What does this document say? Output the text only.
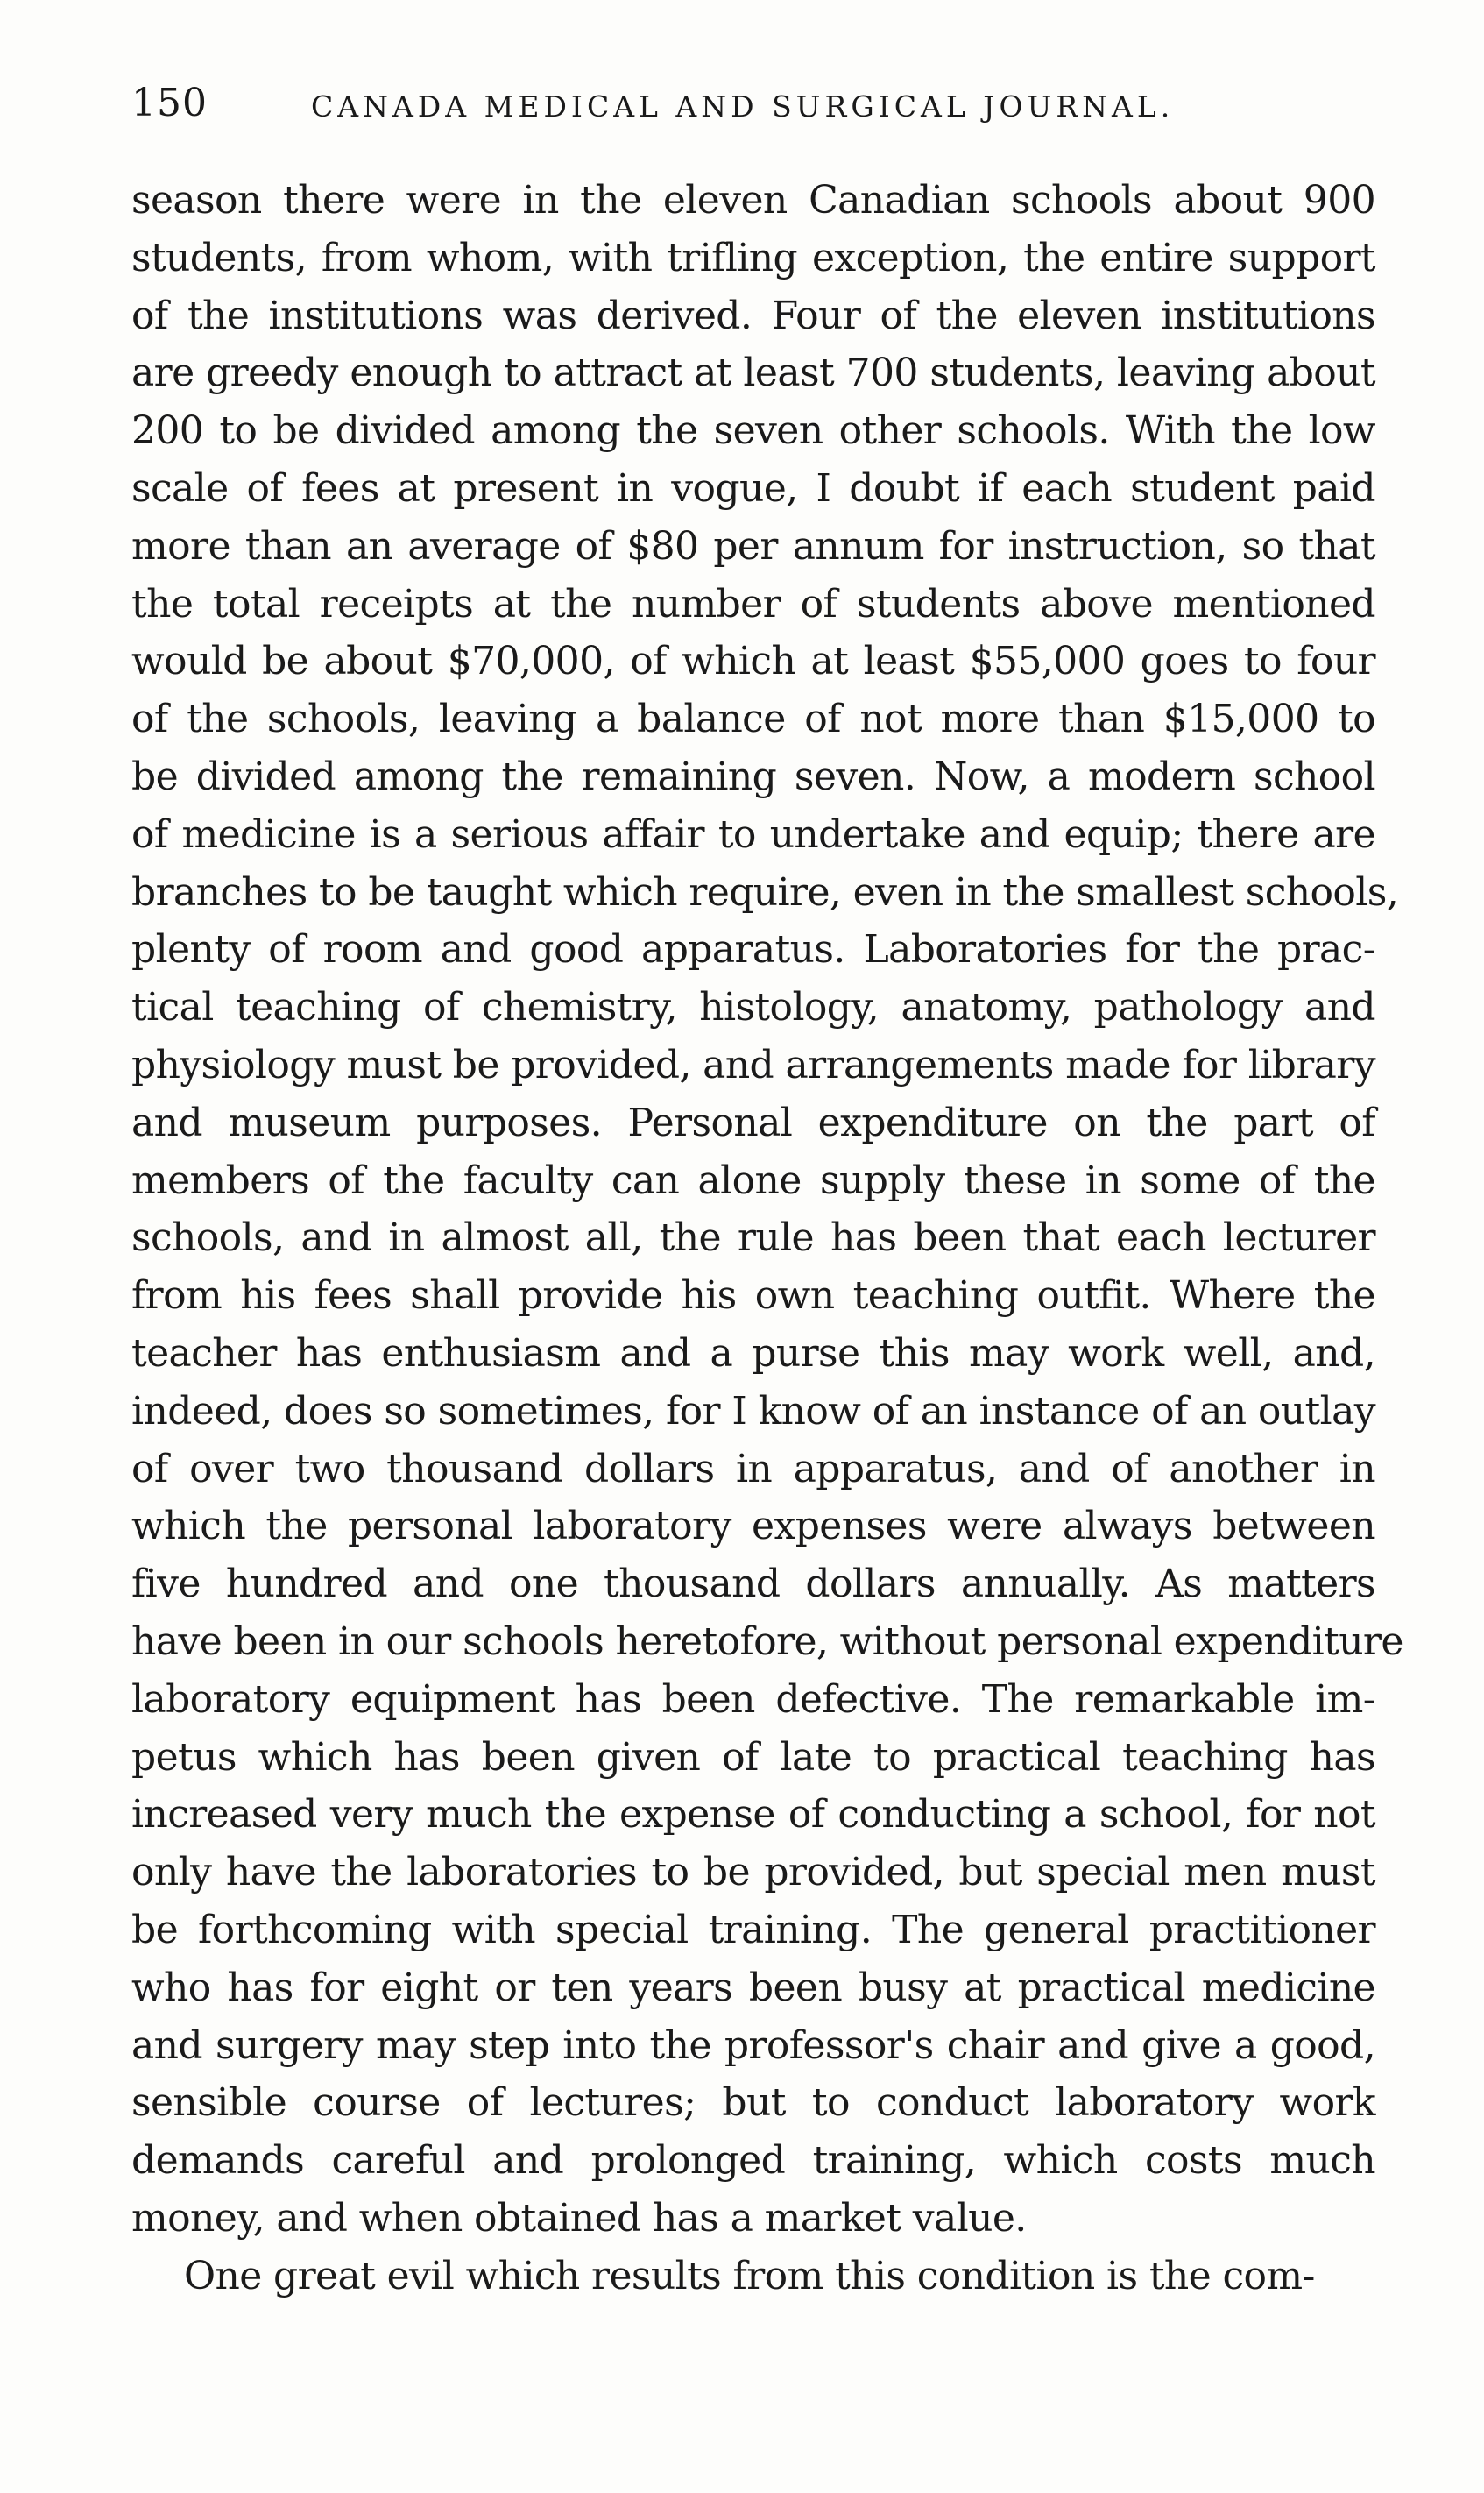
150	CANADA MEDICAL AND SURGICAL JOURNAL.
season there were in the eleven Canadian schools about 900
students, from whom, with trifling exception, the entire support
of the institutions was derived. Four of the eleven institutions
are greedy enough to attract at least 700 students, leaving about
200 to be divided among the seven other schools. With the low
scale of fees at present in vogue, I doubt if each student paid
more than an average of $80 per annum for instruction, so that
the total receipts at the number of students above mentioned
would be about $70,000, of which at least $55,000 goes to four
of the schools, leaving a balance of not more than $15,000 to
be divided among the remaining seven. Now, a modern school
of medicine is a serious affair to undertake and equip; there are
branches to be taught which require, even in the smallest schools,
plenty of room and good apparatus. Laboratories for the prac-
tical teaching of chemistry, histology, anatomy, pathology and
physiology must be provided, and arrangements made for library
and museum purposes. Personal expenditure on the part of
members of the faculty can alone supply these in some of the
schools, and in almost all, the rule has been that each lecturer
from his fees shall provide his own teaching outfit. Where the
teacher has enthusiasm and a purse this may work well, and,
indeed, does so sometimes, for I know of an instance of an outlay
of over two thousand dollars in apparatus, and of another in
which the personal laboratory expenses were always between
five hundred and one thousand dollars annually. As matters
have been in our schools heretofore, without personal expenditure
laboratory equipment has been defective. The remarkable im-
petus which has been given of late to practical teaching has
increased very much the expense of conducting a school, for not
only have the laboratories to be provided, but special men must
be forthcoming with special training. The general practitioner
who has for eight or ten years been busy at practical medicine
and surgery may step into the professor's chair and give a good,
sensible course of lectures; but to conduct laboratory work
demands careful and prolonged training, which costs much
money, and when obtained has a market value.
One great evil which results from this condition is the com-
